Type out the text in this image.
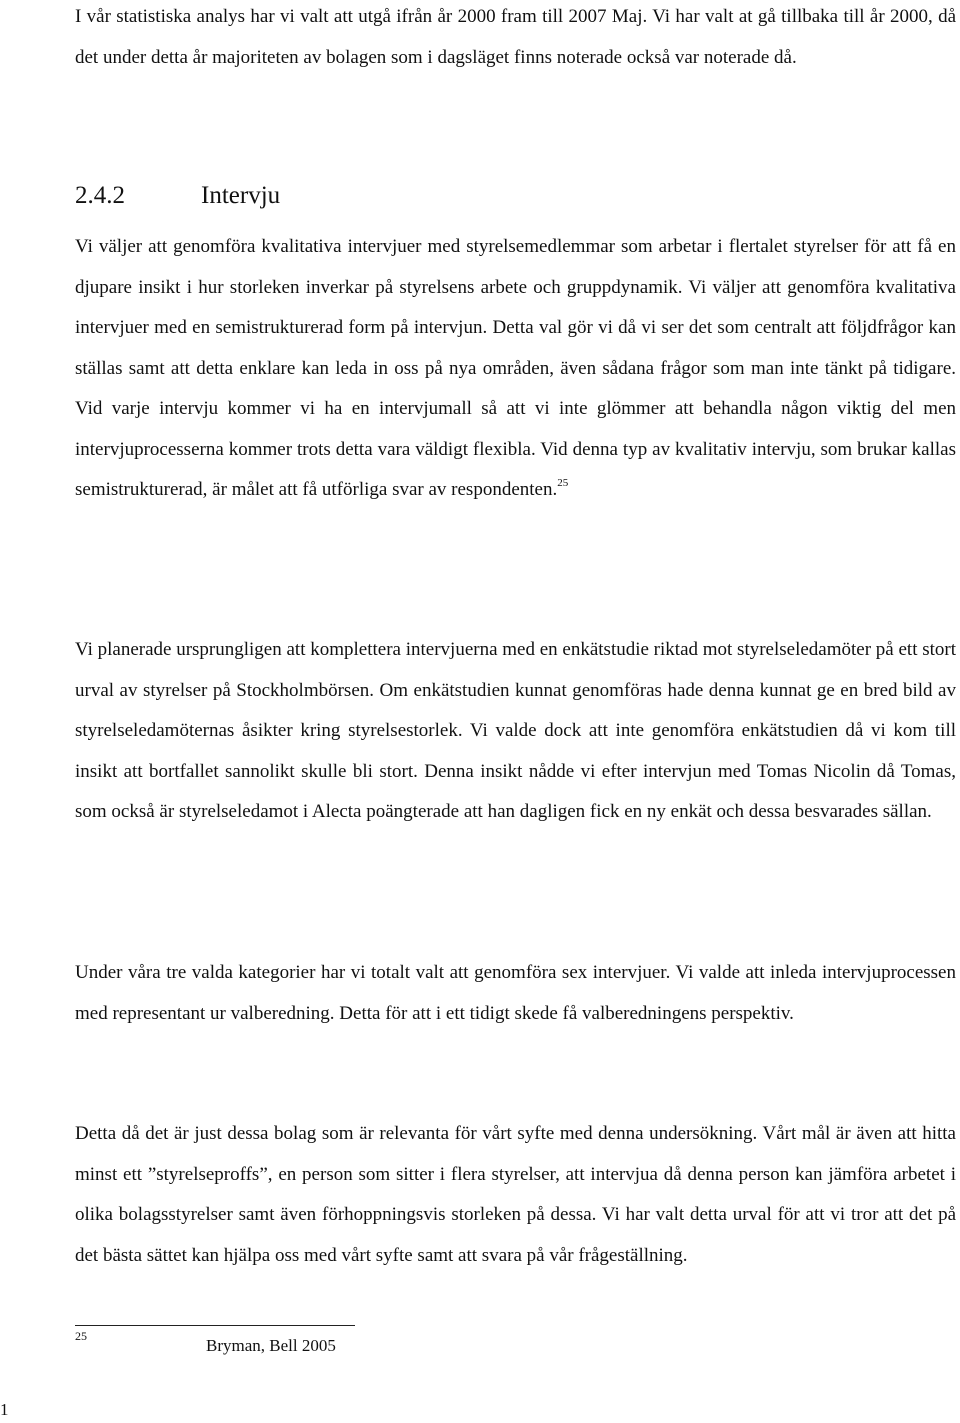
I vår statistiska analys har vi valt att utgå ifrån år 2000 fram till 2007 Maj. Vi har valt at gå tillbaka till år 2000, då det under detta år majoriteten av bolagen som i dagsläget finns noterade också var noterade då.

2.4.2	Intervju

Vi väljer att genomföra kvalitativa intervjuer med styrelsemedlemmar som arbetar i flertalet styrelser för att få en djupare insikt i hur storleken inverkar på styrelsens arbete och gruppdynamik. Vi väljer att genomföra kvalitativa intervjuer med en semistrukturerad form på intervjun. Detta val gör vi då vi ser det som centralt att följdfrågor kan ställas samt att detta enklare kan leda in oss på nya områden, även sådana frågor som man inte tänkt på tidigare. Vid varje intervju kommer vi ha en intervjumall så att vi inte glömmer att behandla någon viktig del men intervjuprocesserna kommer trots detta vara väldigt flexibla. Vid denna typ av kvalitativ intervju, som brukar kallas semistrukturerad, är målet att få utförliga svar av respondenten.$^{25}$

Vi planerade ursprungligen att komplettera intervjuerna med en enkätstudie riktad mot styrelseledamöter på ett stort urval av styrelser på Stockholmbörsen. Om enkätstudien kunnat genomföras hade denna kunnat ge en bred bild av styrelseledamöternas åsikter kring styrelsestorlek. Vi valde dock att inte genomföra enkätstudien då vi kom till insikt att bortfallet sannolikt skulle bli stort. Denna insikt nådde vi efter intervjun med Tomas Nicolin då Tomas, som också är styrelseledamot i Alecta poängterade att han dagligen fick en ny enkät och dessa besvarades sällan.

Under våra tre valda kategorier har vi totalt valt att genomföra sex intervjuer. Vi valde att inleda intervjuprocessen med representant ur valberedning. Detta för att i ett tidigt skede få valberedningens perspektiv.

Detta då det är just dessa bolag som är relevanta för vårt syfte med denna undersökning. Vårt mål är även att hitta minst ett ”styrelseproffs”, en person som sitter i flera styrelser, att intervjua då denna person kan jämföra arbetet i olika bolagsstyrelser samt även förhoppningsvis storleken på dessa. Vi har valt detta urval för att vi tror att det på det bästa sättet kan hjälpa oss med vårt syfte samt att svara på vår frågeställning.

25	Bryman, Bell 2005
1
